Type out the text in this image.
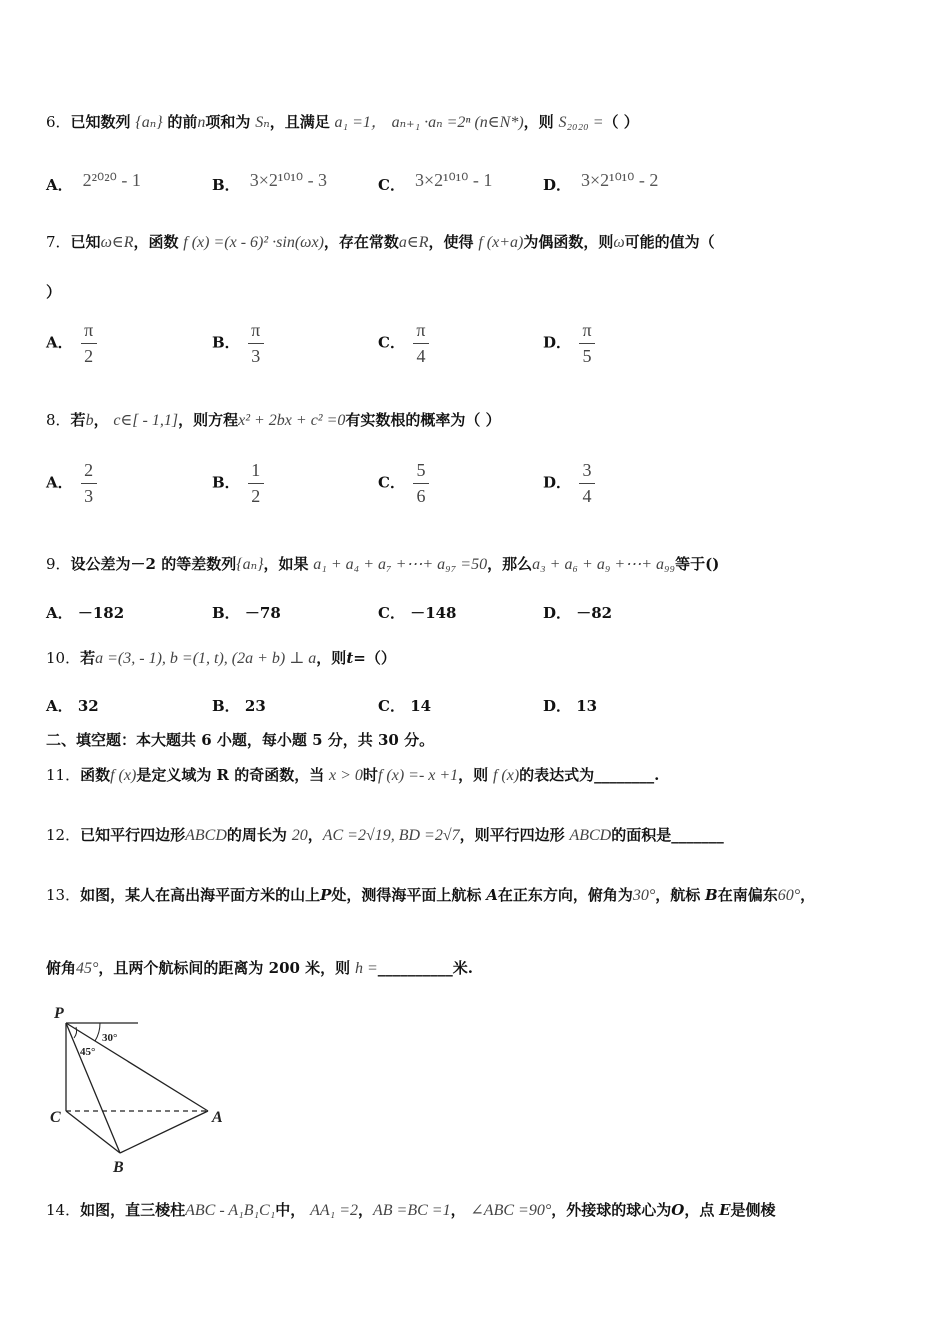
6．已知数列 {aₙ} 的前n项和为 Sₙ，且满足 a₁ =1， aₙ₊₁ ·aₙ =2ⁿ (n∈N*)，则 S₂₀₂₀ =（ ）
A． 2²⁰²⁰ - 1	B． 3×2¹⁰¹⁰ - 3	C． 3×2¹⁰¹⁰ - 1	D． 3×2¹⁰¹⁰ - 2
7．已知ω∈R，函数 f (x) =(x - 6)² ·sin(ωx)，存在常数a∈R，使得 f (x+a)为偶函数，则ω可能的值为（
）
A． $\frac{\pi}{2}$	B． $\frac{\pi}{3}$	C． $\frac{\pi}{4}$	D． $\frac{\pi}{5}$
8．若b， c∈[ - 1,1]，则方程x² + 2bx + c² =0有实数根的概率为（ ）
A． $\frac{2}{3}$	B． $\frac{1}{2}$	C． $\frac{5}{6}$	D． $\frac{3}{4}$
9．设公差为－2 的等差数列{aₙ}，如果 a₁ + a₄ + a₇ +⋯+ a₉₇ =50，那么a₃ + a₆ + a₉ +⋯+ a₉₉等于()
A． －182	B． －78	C． －148	D． －82
10．若a =(3, - 1), b =(1, t), (2a + b) ⊥ a，则t=（）
A． 32	B． 23	C． 14	D． 13
二、填空题：本大题共 6 小题，每小题 5 分，共 30 分。
11．函数f (x)是定义域为 R 的奇函数，当 x > 0时f (x) =- x +1，则 f (x)的表达式为________.
12．已知平行四边形ABCD的周长为 20，AC =2√19, BD =2√7，则平行四边形 ABCD的面积是_______
13．如图，某人在高出海平面方米的山上P处，测得海平面上航标 A在正东方向，俯角为30°，航标 B在南偏东60°，
俯角45°，且两个航标间的距离为 200 米，则 h =__________米.
P
30°
45°
C	A
B
14．如图，直三棱柱ABC - A₁B₁C₁中， AA₁ =2，AB =BC =1， ∠ABC =90°，外接球的球心为O，点 E是侧棱
